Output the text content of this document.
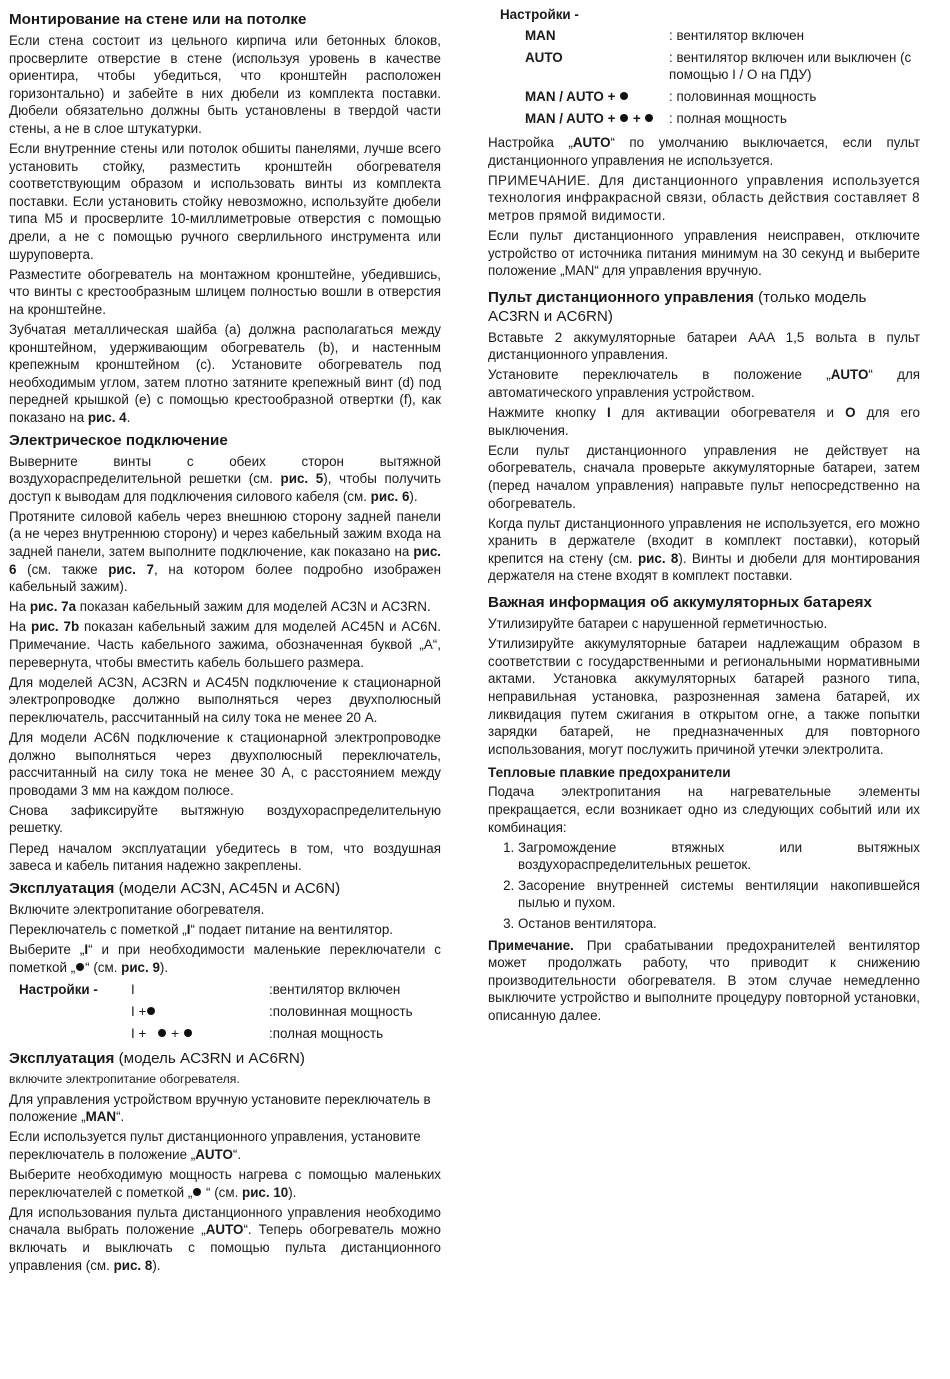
Монтирование на стене или на потолке

Если стена состоит из цельного кирпича или бетонных блоков, просверлите отверстие в стене (используя уровень в качестве ориентира, чтобы убедиться, что кронштейн расположен горизонтально) и забейте в них дюбели из комплекта поставки. Дюбели обязательно должны быть установлены в твердой части стены, а не в слое штукатурки.

Если внутренние стены или потолок обшиты панелями, лучше всего установить стойку, разместить кронштейн обогревателя соответствующим образом и использовать винты из комплекта поставки. Если установить стойку невозможно, используйте дюбели типа M5 и просверлите 10-миллиметровые отверстия с помощью дрели, а не с помощью ручного сверлильного инструмента или шуруповерта.

Разместите обогреватель на монтажном кронштейне, убедившись, что винты с крестообразным шлицем полностью вошли в отверстия на кронштейне.

Зубчатая металлическая шайба (a) должна располагаться между кронштейном, удерживающим обогреватель (b), и настенным крепежным кронштейном (c). Установите обогреватель под необходимым углом, затем плотно затяните крепежный винт (d) под передней крышкой (e) с помощью крестообразной отвертки (f), как показано на рис. 4.

Электрическое подключение

Выверните винты с обеих сторон вытяжной воздухораспределительной решетки (см. рис. 5), чтобы получить доступ к выводам для подключения силового кабеля (см. рис. 6).

Протяните силовой кабель через внешнюю сторону задней панели (а не через внутреннюю сторону) и через кабельный зажим входа на задней панели, затем выполните подключение, как показано на рис. 6 (см. также рис. 7, на котором более подробно изображен кабельный зажим).

На рис. 7a показан кабельный зажим для моделей AC3N и AC3RN.

На рис. 7b показан кабельный зажим для моделей AC45N и AC6N. Примечание. Часть кабельного зажима, обозначенная буквой „A“, перевернута, чтобы вместить кабель большего размера.

Для моделей AC3N, AC3RN и AC45N подключение к стационарной электропроводке должно выполняться через двухполюсный переключатель, рассчитанный на силу тока не менее 20 A.

Для модели AC6N подключение к стационарной электропроводке должно выполняться через двухполюсный переключатель, рассчитанный на силу тока не менее 30 A, с расстоянием между проводами 3 мм на каждом полюсе.

Снова зафиксируйте вытяжную воздухораспределительную решетку.

Перед началом эксплуатации убедитесь в том, что воздушная завеса и кабель питания надежно закреплены.

Эксплуатация (модели AC3N, AC45N и AC6N)

Включите электропитание обогревателя.

Переключатель с пометкой „I“ подает питание на вентилятор.

Выберите „I“ и при необходимости маленькие переключатели с пометкой „ “ (см. рис. 9).

Настройки -	I	:вентилятор включен
	I +	:половинная мощность
	I +    +	:полная мощность
Эксплуатация (модель AC3RN и AC6RN)

включите электропитание обогревателя.

Для управления устройством вручную установите переключатель в положение „MAN“.

Если используется пульт дистанционного управления, установите переключатель в положение „AUTO“.

Выберите необходимую мощность нагрева с помощью маленьких переключателей с пометкой „ “ (см. рис. 10).

Для использования пульта дистанционного управления необходимо сначала выбрать положение „AUTO“. Теперь обогреватель можно включать и выключать с помощью пульта дистанционного управления (см. рис. 8).

Настройки -
MAN	: вентилятор включен
AUTO	: вентилятор включен или выключен (с помощью I / O на ПДУ)
MAN / AUTO +	: половинная мощность
MAN / AUTO +  +	: полная мощность

Настройка „AUTO“ по умолчанию выключается, если пульт дистанционного управления не используется.

ПРИМЕЧАНИЕ. Для дистанционного управления используется технология инфракрасной связи, область действия составляет 8 метров прямой видимости.

Если пульт дистанционного управления неисправен, отключите устройство от источника питания минимум на 30 секунд и выберите положение „MAN“ для управления вручную.

Пульт дистанционного управления (только модель AC3RN и AC6RN)

Вставьте 2 аккумуляторные батареи AAA 1,5 вольта в пульт дистанционного управления.

Установите переключатель в положение „AUTO“ для автоматического управления устройством.

Нажмите кнопку I для активации обогревателя и O для его выключения.

Если пульт дистанционного управления не действует на обогреватель, сначала проверьте аккумуляторные батареи, затем (перед началом управления) направьте пульт непосредственно на обогреватель.

Когда пульт дистанционного управления не используется, его можно хранить в держателе (входит в комплект поставки), который крепится на стену (см. рис. 8). Винты и дюбели для монтирования держателя на стене входят в комплект поставки.

Важная информация об аккумуляторных батареях

Утилизируйте батареи с нарушенной герметичностью.

Утилизируйте аккумуляторные батареи надлежащим образом в соответствии с государственными и региональными нормативными актами. Установка аккумуляторных батарей разного типа, неправильная установка, разрозненная замена батарей, их ликвидация путем сжигания в открытом огне, а также попытки зарядки батарей, не предназначенных для повторного использования, могут послужить причиной утечки электролита.

Тепловые плавкие предохранители

Подача электропитания на нагревательные элементы прекращается, если возникает одно из следующих событий или их комбинация:

1. Загромождение втяжных или вытяжных воздухораспределительных решеток.
2. Засорение внутренней системы вентиляции накопившейся пылью и пухом.
3. Останов вентилятора.

Примечание. При срабатывании предохранителей вентилятор может продолжать работу, что приводит к снижению производительности обогревателя. В этом случае немедленно выключите устройство и выполните процедуру повторной установки, описанную далее.
